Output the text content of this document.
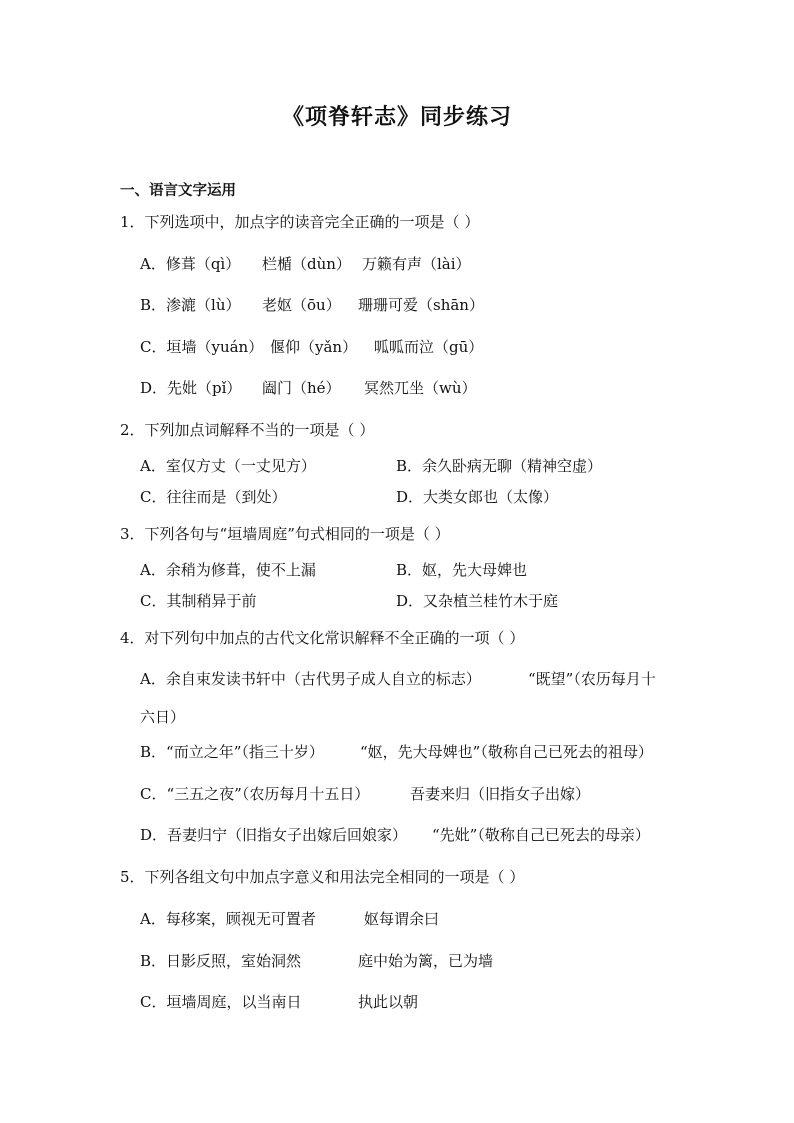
《项脊轩志》同步练习
一、语言文字运用
1．下列选项中，加点字的读音完全正确的一项是（ ）
A．修葺（qì） 栏楯（dùn） 万籁有声（lài）
B．渗漉（lù） 老妪（ōu） 珊珊可爱（shān）
C．垣墙（yuán） 偃仰（yǎn） 呱呱而泣（gū）
D．先妣（pǐ） 阖门（hé） 冥然兀坐（wù）
2．下列加点词解释不当的一项是（ ）
A．室仅方丈（一丈见方）	B．余久卧病无聊（精神空虚）
C．往往而是（到处）	D．大类女郎也（太像）
3．下列各句与“垣墙周庭”句式相同的一项是（ ）
A．余稍为修葺，使不上漏	B．妪，先大母婢也
C．其制稍异于前	D．又杂植兰桂竹木于庭
4．对下列句中加点的古代文化常识解释不全正确的一项（ ）
A．余自束发读书轩中（古代男子成人自立的标志）	“既望”（农历每月十
六日）
B．“而立之年”（指三十岁） “妪，先大母婢也”（敬称自己已死去的祖母）
C．“三五之夜”（农历每月十五日）	吾妻来归（旧指女子出嫁）
D．吾妻归宁（旧指女子出嫁后回娘家） “先妣”（敬称自己已死去的母亲）
5．下列各组文句中加点字意义和用法完全相同的一项是（ ）
A．每移案，顾视无可置者	妪每谓余曰
B．日影反照，室始洞然	庭中始为篱，已为墙
C．垣墙周庭，以当南日	执此以朝
